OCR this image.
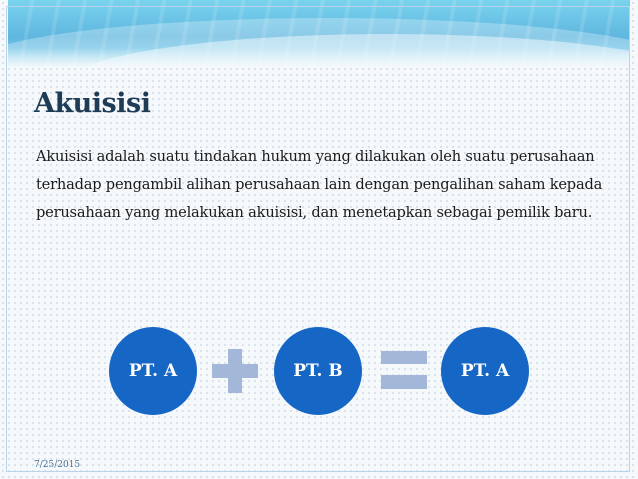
Akuisisi
Akuisisi adalah suatu tindakan hukum yang dilakukan oleh suatu perusahaan terhadap pengambil alihan perusahaan lain dengan pengalihan saham kepada perusahaan yang melakukan akuisisi, dan menetapkan sebagai pemilik baru.
PT. A	PT. B	PT. A
7/25/2015
